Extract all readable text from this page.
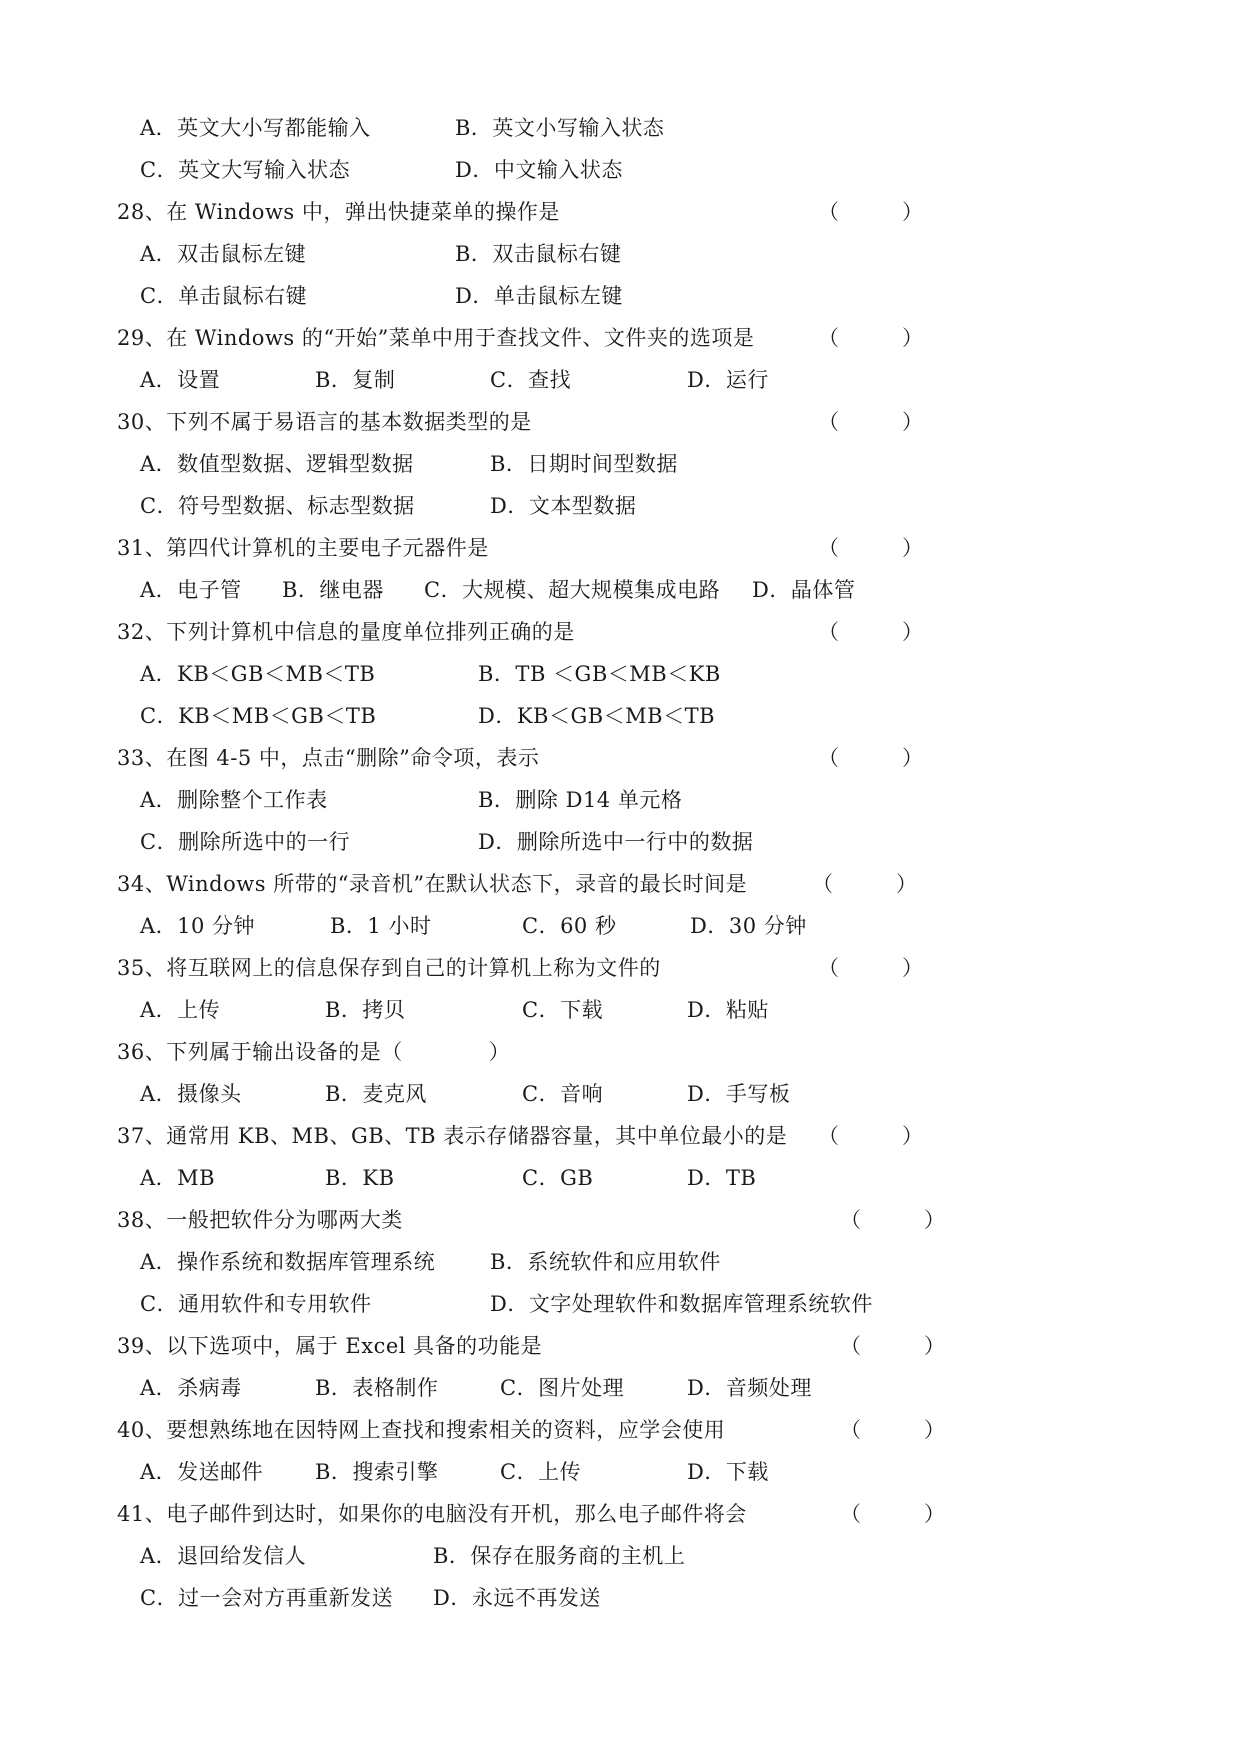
A．英文大小写都能输入	B．英文小写输入状态
C．英文大写输入状态	D．中文输入状态
28、在 Windows 中，弹出快捷菜单的操作是	（　　　）
A．双击鼠标左键	B．双击鼠标右键
C．单击鼠标右键	D．单击鼠标左键
29、在 Windows 的“开始”菜单中用于查找文件、文件夹的选项是	（　　　）
A．设置	B．复制	C．查找	D．运行
30、下列不属于易语言的基本数据类型的是	（　　　）
A．数值型数据、逻辑型数据	B．日期时间型数据
C．符号型数据、标志型数据	D．文本型数据
31、第四代计算机的主要电子元器件是	（　　　）
A．电子管 B．继电器 C．大规模、超大规模集成电路 D．晶体管
32、下列计算机中信息的量度单位排列正确的是	（　　　）
A．KB＜GB＜MB＜TB	B．TB ＜GB＜MB＜KB
C．KB＜MB＜GB＜TB	D．KB＜GB＜MB＜TB
33、在图 4-5 中，点击“删除”命令项，表示	（　　　）
A．删除整个工作表	B．删除 D14 单元格
C．删除所选中的一行	D．删除所选中一行中的数据
34、Windows 所带的“录音机”在默认状态下，录音的最长时间是	（　　　）
A．10 分钟	B．1 小时	C．60 秒	D．30 分钟
35、将互联网上的信息保存到自己的计算机上称为文件的	（　　　）
A．上传	B．拷贝	C．下载	D．粘贴
36、下列属于输出设备的是（　　　　）
A．摄像头	B．麦克风	C．音响	D．手写板
37、通常用 KB、MB、GB、TB 表示存储器容量，其中单位最小的是 （　　　）
A．MB	B．KB	C．GB	D．TB
38、一般把软件分为哪两大类	（　　　）
A．操作系统和数据库管理系统	B．系统软件和应用软件
C．通用软件和专用软件	D．文字处理软件和数据库管理系统软件
39、以下选项中，属于 Excel 具备的功能是	（　　　）
A．杀病毒	B．表格制作	C．图片处理	D．音频处理
40、要想熟练地在因特网上查找和搜索相关的资料，应学会使用	（　　　）
A．发送邮件 B．搜索引擎	C．上传	D．下载
41、电子邮件到达时，如果你的电脑没有开机，那么电子邮件将会	（　　　）
A．退回给发信人	B．保存在服务商的主机上
C．过一会对方再重新发送 D．永远不再发送
